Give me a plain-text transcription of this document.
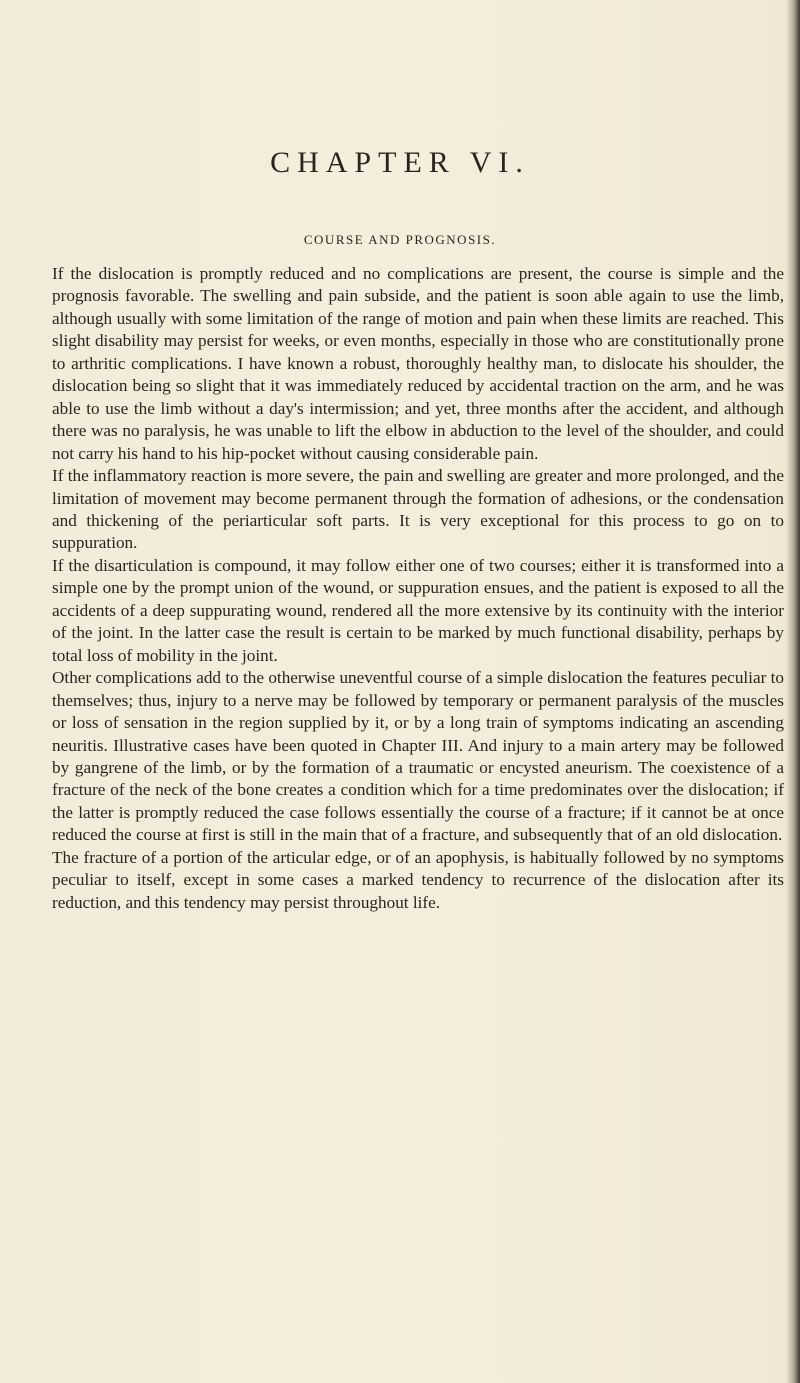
CHAPTER VI.
COURSE AND PROGNOSIS.

If the dislocation is promptly reduced and no complications are present, the course is simple and the prognosis favorable. The swelling and pain subside, and the patient is soon able again to use the limb, although usually with some limitation of the range of motion and pain when these limits are reached. This slight disability may persist for weeks, or even months, especially in those who are constitutionally prone to arthritic complications. I have known a robust, thoroughly healthy man, to dislocate his shoulder, the dislocation being so slight that it was immediately reduced by accidental traction on the arm, and he was able to use the limb without a day's intermission; and yet, three months after the accident, and although there was no paralysis, he was unable to lift the elbow in abduction to the level of the shoulder, and could not carry his hand to his hip-pocket without causing considerable pain.

If the inflammatory reaction is more severe, the pain and swelling are greater and more prolonged, and the limitation of movement may become permanent through the formation of adhesions, or the condensation and thickening of the periarticular soft parts. It is very exceptional for this process to go on to suppuration.

If the disarticulation is compound, it may follow either one of two courses; either it is transformed into a simple one by the prompt union of the wound, or suppuration ensues, and the patient is exposed to all the accidents of a deep suppurating wound, rendered all the more extensive by its continuity with the interior of the joint. In the latter case the result is certain to be marked by much functional disability, perhaps by total loss of mobility in the joint.

Other complications add to the otherwise uneventful course of a simple dislocation the features peculiar to themselves; thus, injury to a nerve may be followed by temporary or permanent paralysis of the muscles or loss of sensation in the region supplied by it, or by a long train of symptoms indicating an ascending neuritis. Illustrative cases have been quoted in Chapter III. And injury to a main artery may be followed by gangrene of the limb, or by the formation of a traumatic or encysted aneurism. The coexistence of a fracture of the neck of the bone creates a condition which for a time predominates over the dislocation; if the latter is promptly reduced the case follows essentially the course of a fracture; if it cannot be at once reduced the course at first is still in the main that of a fracture, and subsequently that of an old dislocation.

The fracture of a portion of the articular edge, or of an apophysis, is habitually followed by no symptoms peculiar to itself, except in some cases a marked tendency to recurrence of the dislocation after its reduction, and this tendency may persist throughout life.
